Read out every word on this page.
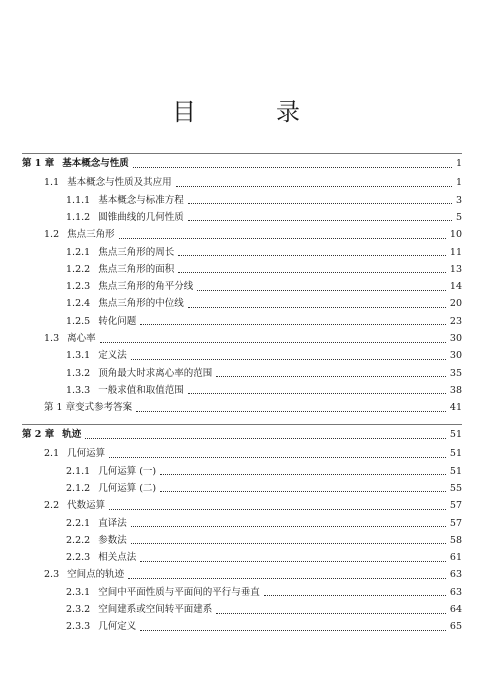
目　录
第 1 章 基本概念与性质	1
1.1 基本概念与性质及其应用	1
1.1.1 基本概念与标准方程	3
1.1.2 圆锥曲线的几何性质	5
1.2 焦点三角形	10
1.2.1 焦点三角形的周长	11
1.2.2 焦点三角形的面积	13
1.2.3 焦点三角形的角平分线	14
1.2.4 焦点三角形的中位线	20
1.2.5 转化问题	23
1.3 离心率	30
1.3.1 定义法	30
1.3.2 顶角最大时求离心率的范围	35
1.3.3 一般求值和取值范围	38
第 1 章变式参考答案	41
第 2 章 轨迹	51
2.1 几何运算	51
2.1.1 几何运算 (一)	51
2.1.2 几何运算 (二)	55
2.2 代数运算	57
2.2.1 直译法	57
2.2.2 参数法	58
2.2.3 相关点法	61
2.3 空间点的轨迹	63
2.3.1 空间中平面性质与平面间的平行与垂直	63
2.3.2 空间建系或空间转平面建系	64
2.3.3 几何定义	65
